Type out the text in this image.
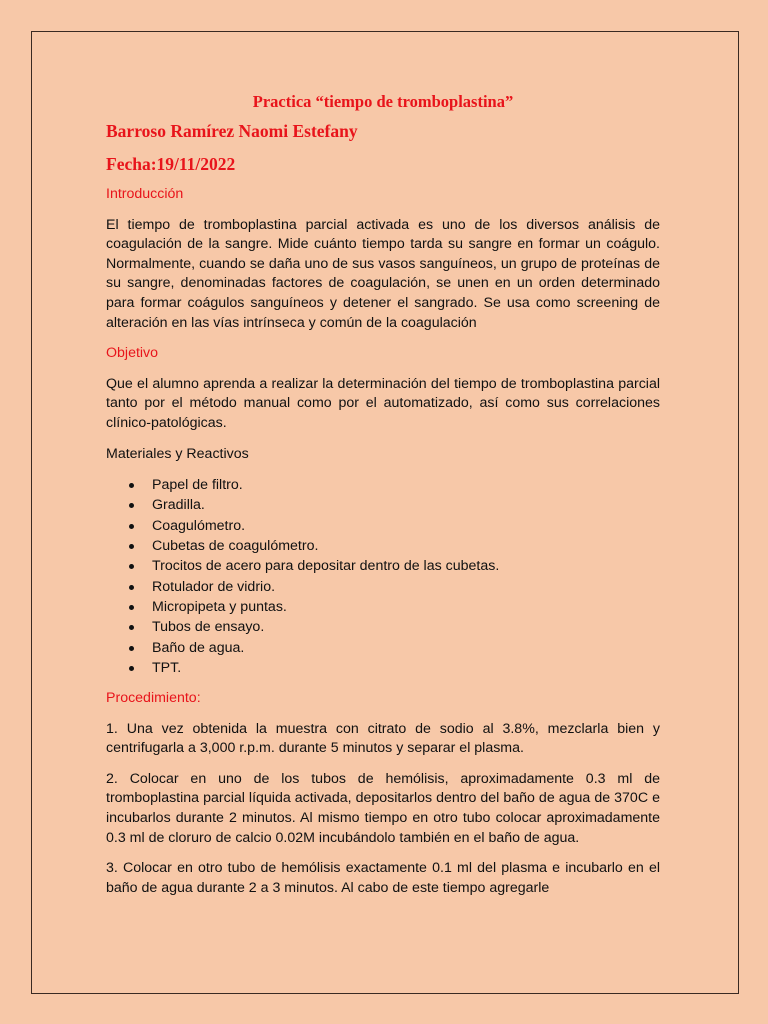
Practica “tiempo de tromboplastina”

Barroso Ramírez Naomi Estefany

Fecha:19/11/2022

Introducción

El tiempo de tromboplastina parcial activada es uno de los diversos análisis de coagulación de la sangre. Mide cuánto tiempo tarda su sangre en formar un coágulo. Normalmente, cuando se daña uno de sus vasos sanguíneos, un grupo de proteínas de su sangre, denominadas factores de coagulación, se unen en un orden determinado para formar coágulos sanguíneos y detener el sangrado. Se usa como screening de alteración en las vías intrínseca y común de la coagulación

Objetivo

Que el alumno aprenda a realizar la determinación del tiempo de tromboplastina parcial tanto por el método manual como por el automatizado, así como sus correlaciones clínico-patológicas.

Materiales y Reactivos

Papel de filtro.
Gradilla.
Coagulómetro.
Cubetas de coagulómetro.
Trocitos de acero para depositar dentro de las cubetas.
Rotulador de vidrio.
Micropipeta y puntas.
Tubos de ensayo.
Baño de agua.
TPT.

Procedimiento:

1. Una vez obtenida la muestra con citrato de sodio al 3.8%, mezclarla bien y centrifugarla a 3,000 r.p.m. durante 5 minutos y separar el plasma.

2. Colocar en uno de los tubos de hemólisis, aproximadamente 0.3 ml de tromboplastina parcial líquida activada, depositarlos dentro del baño de agua de 370C e incubarlos durante 2 minutos. Al mismo tiempo en otro tubo colocar aproximadamente 0.3 ml de cloruro de calcio 0.02M incubándolo también en el baño de agua.

3. Colocar en otro tubo de hemólisis exactamente 0.1 ml del plasma e incubarlo en el baño de agua durante 2 a 3 minutos. Al cabo de este tiempo agregarle
